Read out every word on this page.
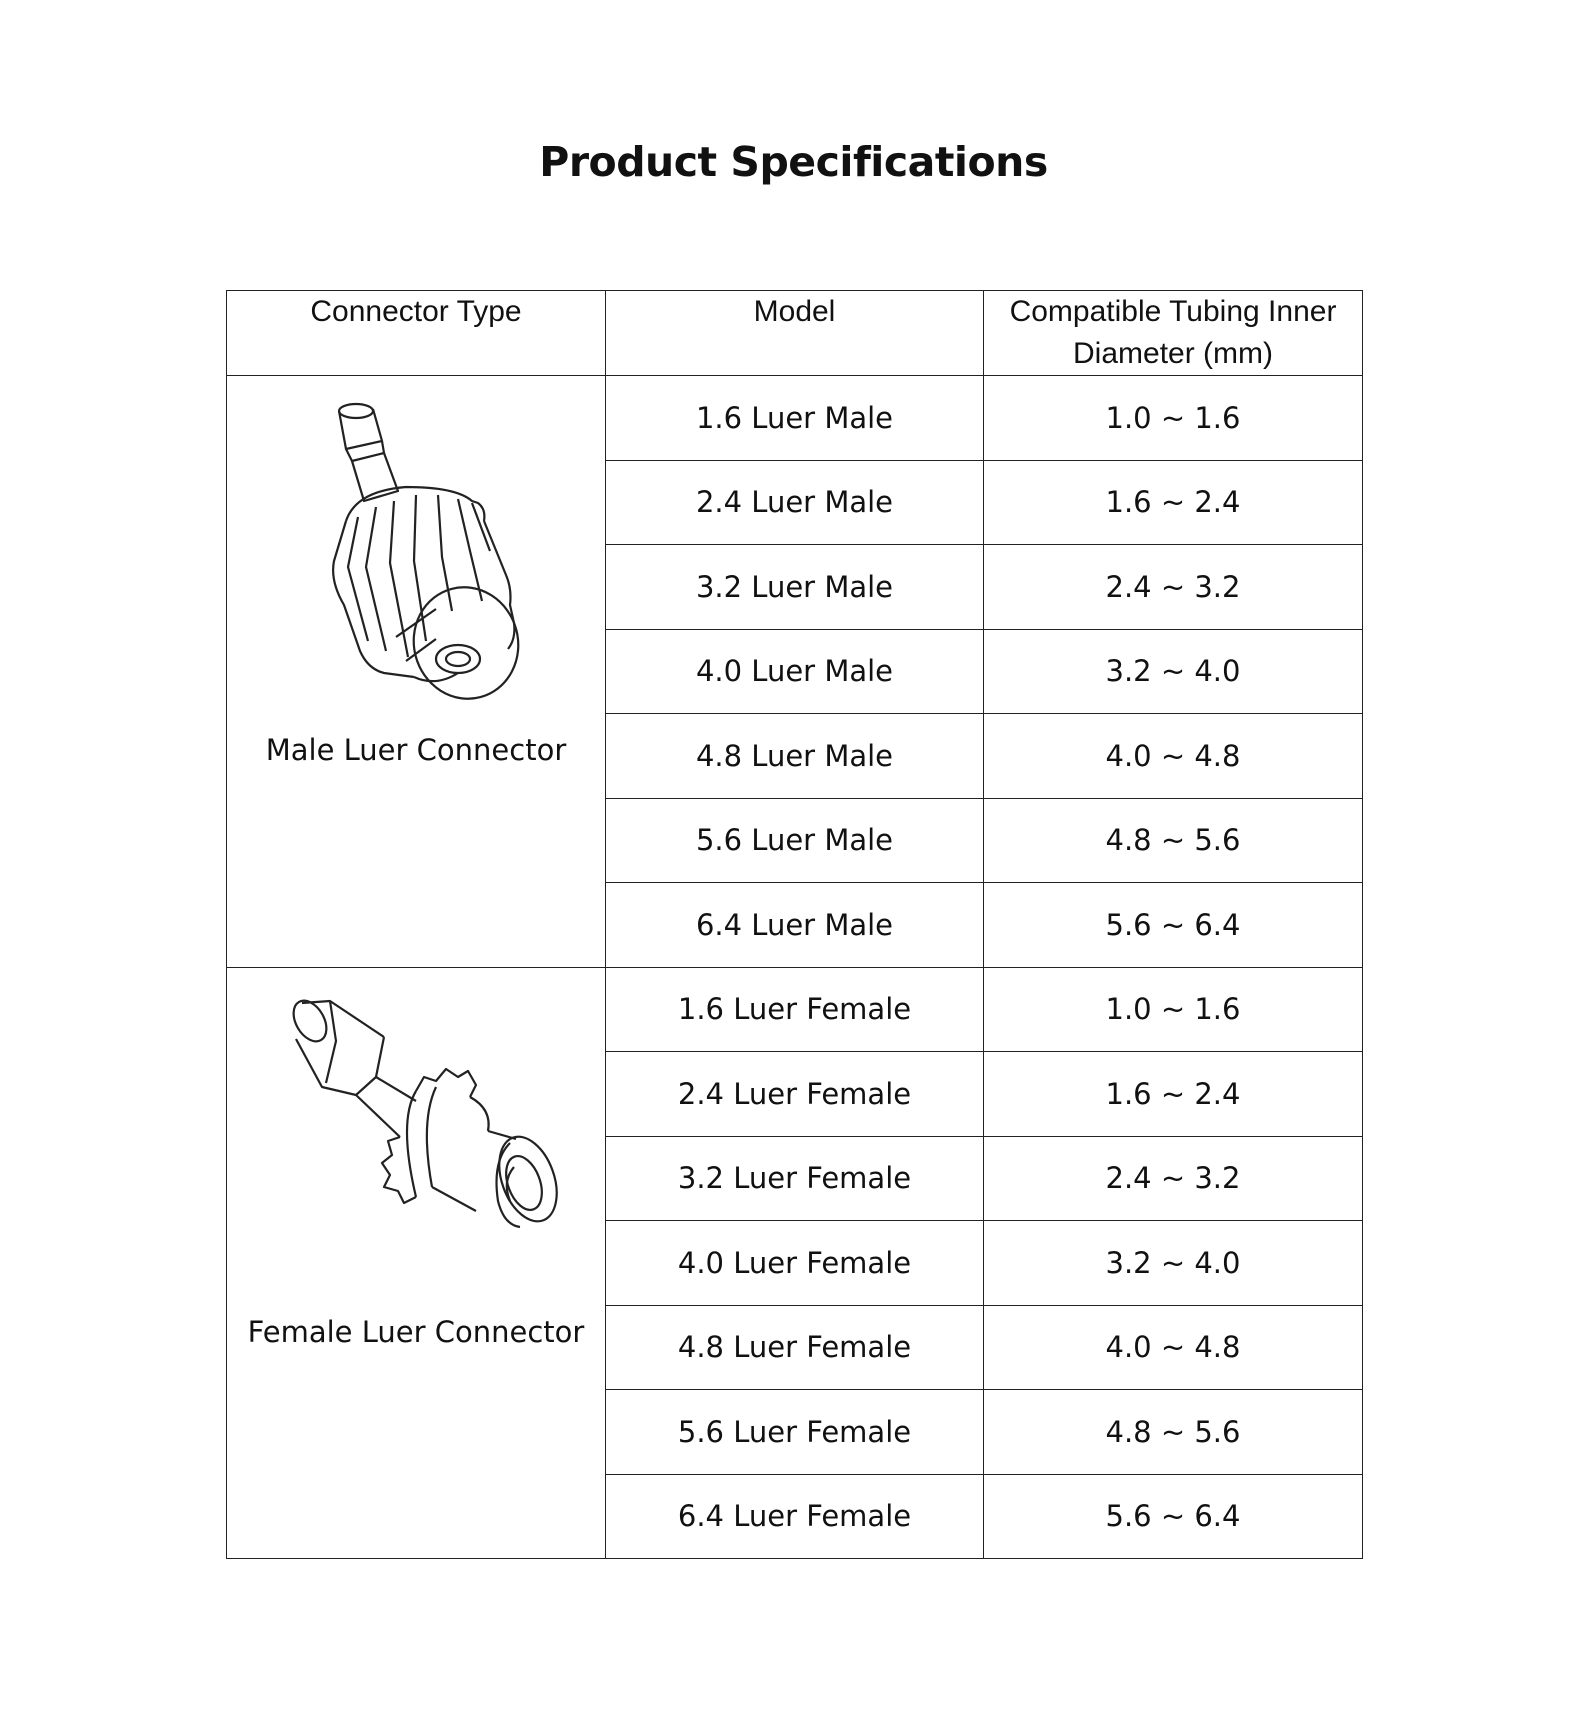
Product Specifications
Connector Type	Model	Compatible Tubing Inner Diameter (mm)

Male Luer Connector	1.6 Luer Male	1.0 ~ 1.6
	2.4 Luer Male	1.6 ~ 2.4
	3.2 Luer Male	2.4 ~ 3.2
	4.0 Luer Male	3.2 ~ 4.0
	4.8 Luer Male	4.0 ~ 4.8
	5.6 Luer Male	4.8 ~ 5.6
	6.4 Luer Male	5.6 ~ 6.4

Female Luer Connector	1.6 Luer Female	1.0 ~ 1.6
	2.4 Luer Female	1.6 ~ 2.4
	3.2 Luer Female	2.4 ~ 3.2
	4.0 Luer Female	3.2 ~ 4.0
	4.8 Luer Female	4.0 ~ 4.8
	5.6 Luer Female	4.8 ~ 5.6
	6.4 Luer Female	5.6 ~ 6.4
